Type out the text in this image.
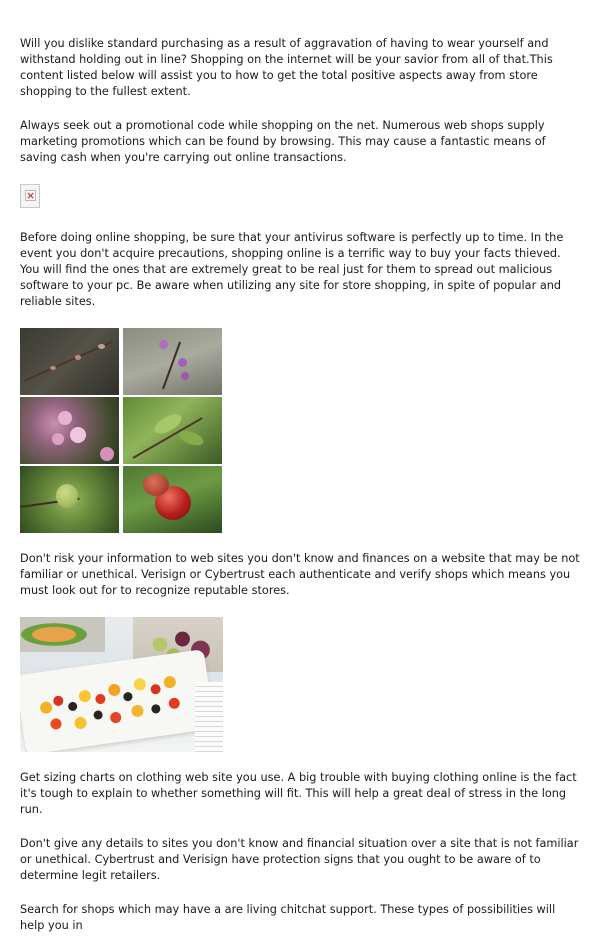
Will you dislike standard purchasing as a result of aggravation of having to wear yourself and withstand holding out in line? Shopping on the internet will be your savior from all of that.This content listed below will assist you to how to get the total positive aspects away from store shopping to the fullest extent.

Always seek out a promotional code while shopping on the net. Numerous web shops supply marketing promotions which can be found by browsing. This may cause a fantastic means of saving cash when you're carrying out online transactions.

×

Before doing online shopping, be sure that your antivirus software is perfectly up to time. In the event you don't acquire precautions, shopping online is a terrific way to buy your facts thieved. You will find the ones that are extremely great to be real just for them to spread out malicious software to your pc. Be aware when utilizing any site for store shopping, in spite of popular and reliable sites.

Don't risk your information to web sites you don't know and finances on a website that may be not familiar or unethical. Verisign or Cybertrust each authenticate and verify shops which means you must look out for to recognize reputable stores.

Get sizing charts on clothing web site you use. A big trouble with buying clothing online is the fact it's tough to explain to whether something will fit. This will help a great deal of stress in the long run.

Don't give any details to sites you don't know and financial situation over a site that is not familiar or unethical. Cybertrust and Verisign have protection signs that you ought to be aware of to determine legit retailers.

Search for shops which may have a are living chitchat support. These types of possibilities will help you in
